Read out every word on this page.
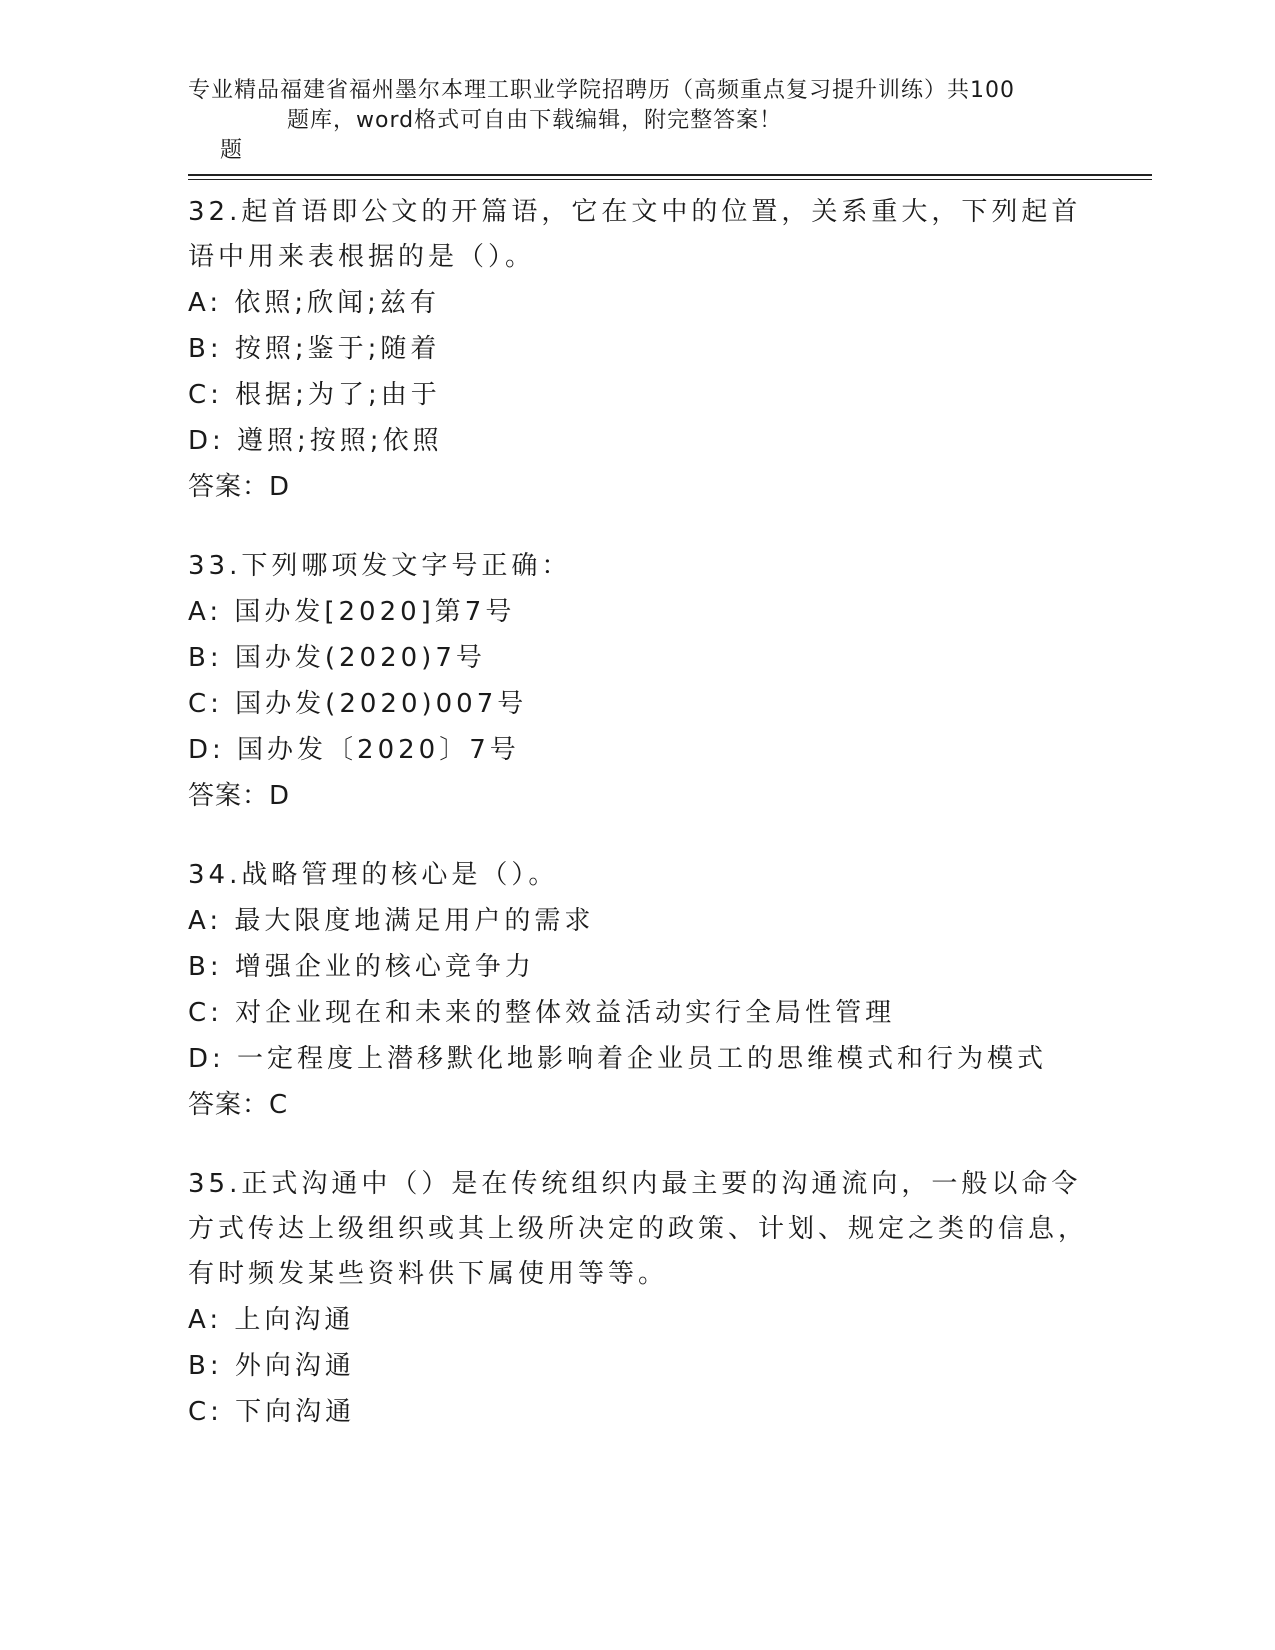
专业精品福建省福州墨尔本理工职业学院招聘历（高频重点复习提升训练）共100

题

题库，word格式可自由下载编辑，附完整答案！

32.起首语即公文的开篇语，它在文中的位置，关系重大，下列起首语中用来表根据的是（）。
A: 依照;欣闻;兹有
B: 按照;鉴于;随着
C: 根据;为了;由于
D: 遵照;按照;依照
答案：D
33.下列哪项发文字号正确：
A: 国办发[2020]第7号
B: 国办发(2020)7号
C: 国办发(2020)007号
D: 国办发〔2020〕7号
答案：D
34.战略管理的核心是（）。
A: 最大限度地满足用户的需求
B: 增强企业的核心竞争力
C: 对企业现在和未来的整体效益活动实行全局性管理
D: 一定程度上潜移默化地影响着企业员工的思维模式和行为模式
答案：C
35.正式沟通中（）是在传统组织内最主要的沟通流向，一般以命令方式传达上级组织或其上级所决定的政策、计划、规定之类的信息，有时频发某些资料供下属使用等等。
A: 上向沟通
B: 外向沟通
C: 下向沟通
